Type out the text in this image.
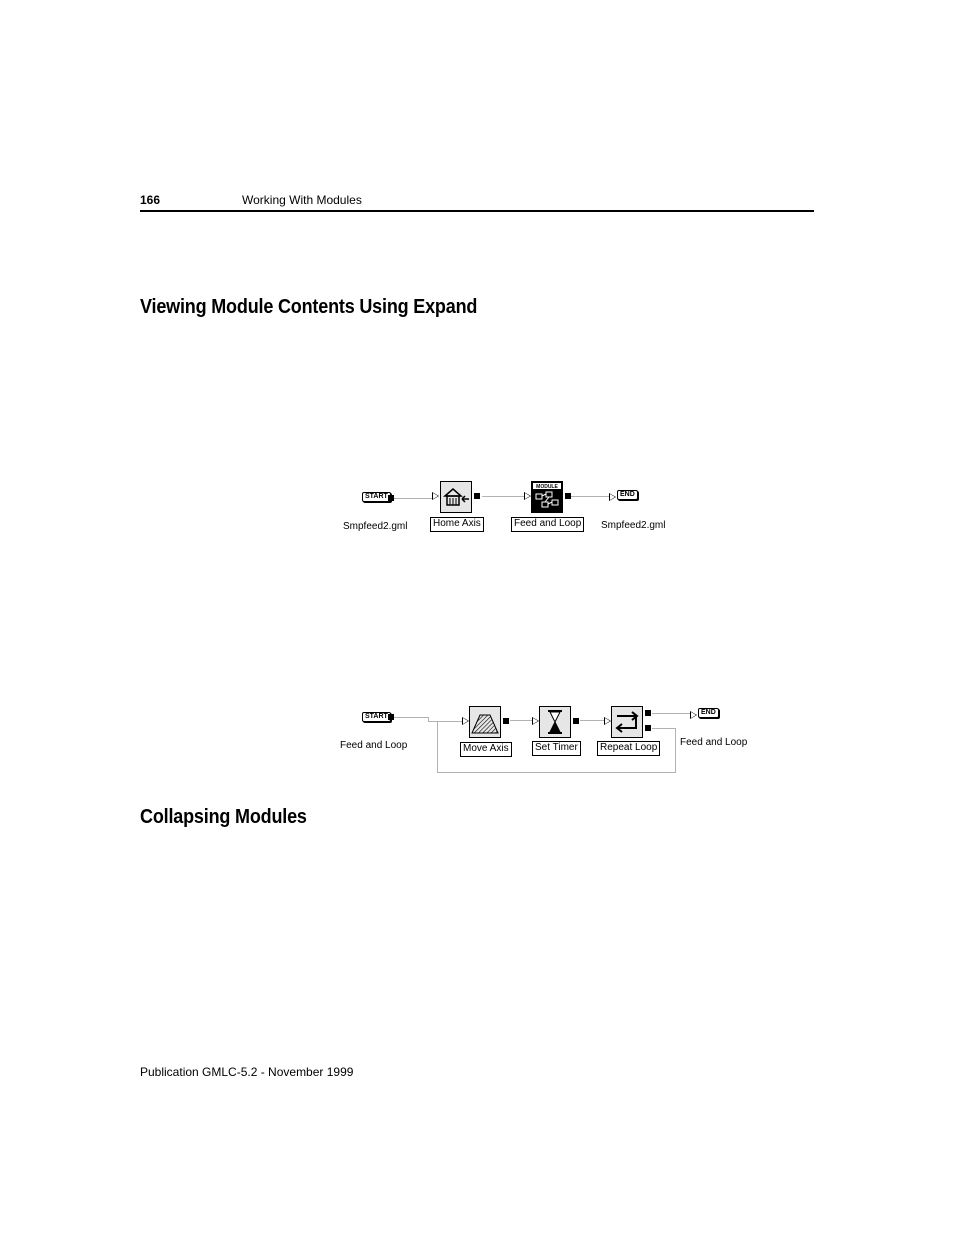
166	Working With Modules
Viewing Module Contents Using Expand
START
Smpfeed2.gml	Home Axis
MODULE
Feed and Loop
END
Smpfeed2.gml
START
Feed and Loop	Move Axis	Set Timer	Repeat Loop
END
Feed and Loop
Collapsing Modules
Publication GMLC-5.2 - November 1999
